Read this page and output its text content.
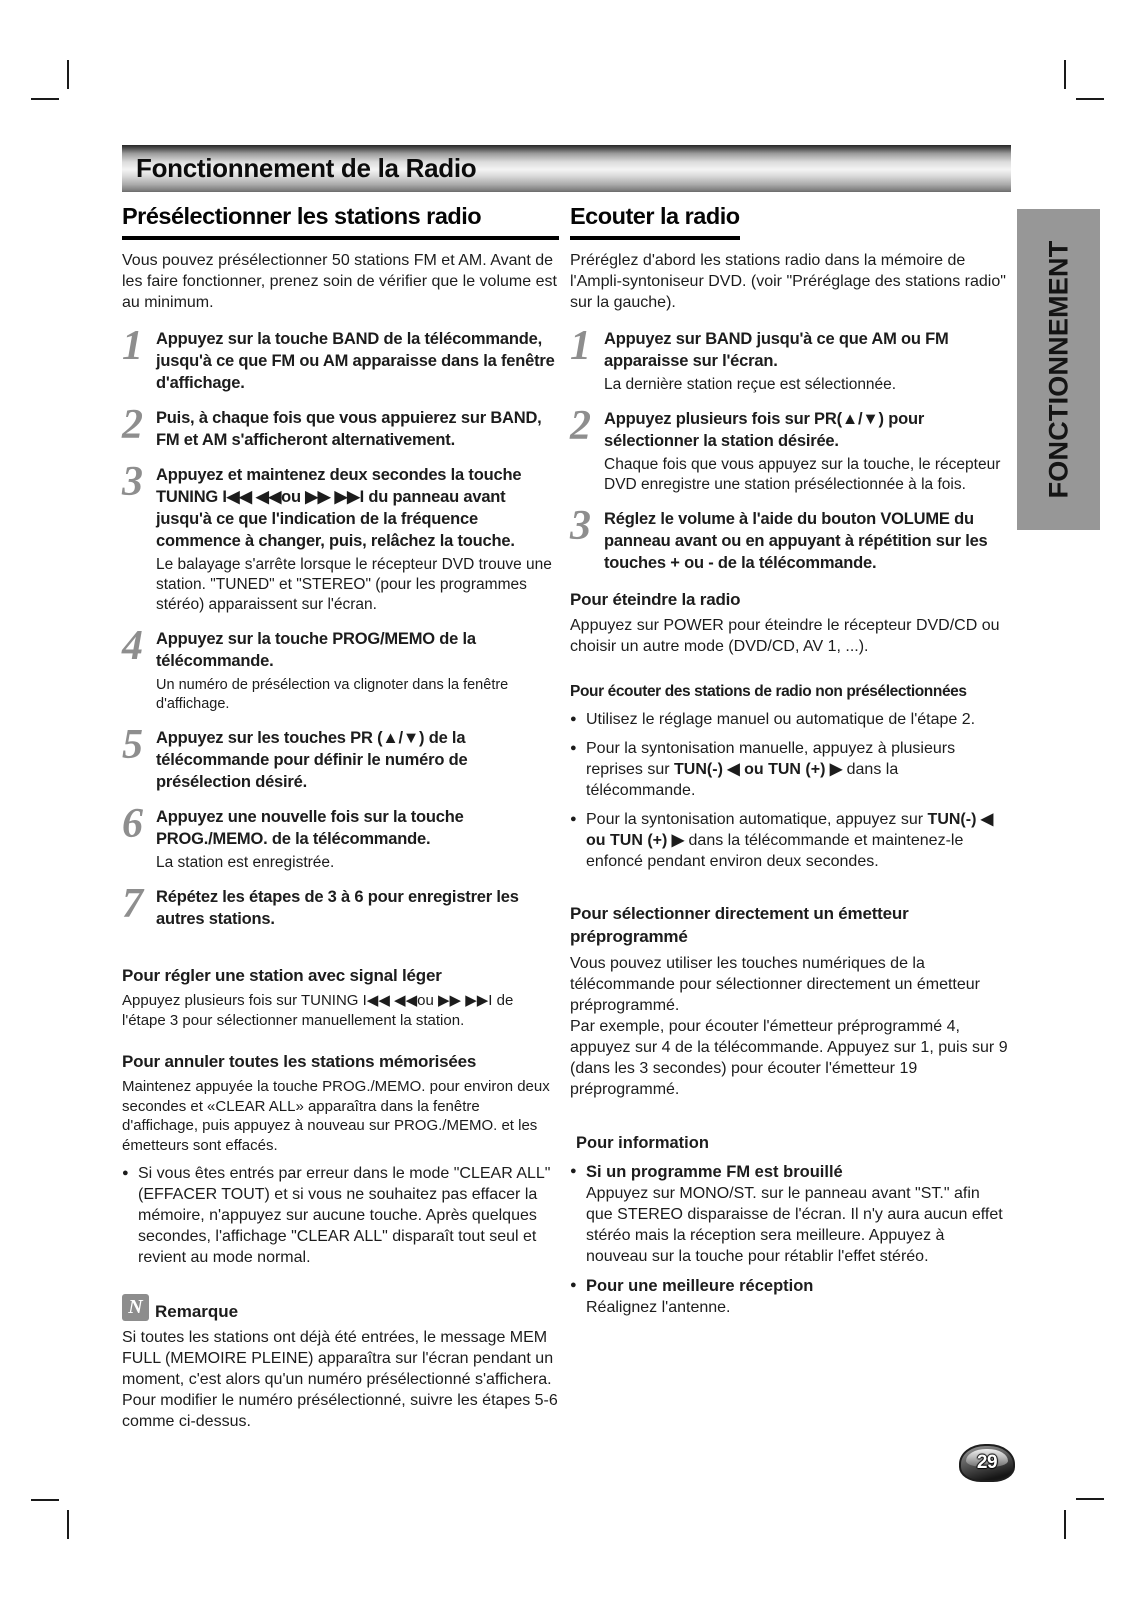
Fonctionnement de la Radio
FONCTIONNEMENT
Présélectionner les stations radio
Vous pouvez présélectionner 50 stations FM et AM. Avant de les faire fonctionner, prenez soin de vérifier que le volume est au minimum.
1 Appuyez sur la touche BAND de la télécommande, jusqu'à ce que FM ou AM apparaisse dans la fenêtre d'affichage.
2 Puis, à chaque fois que vous appuierez sur BAND, FM et AM s'afficheront alternativement.
3 Appuyez et maintenez deux secondes la touche TUNING I◀◀ ◀◀ou ▶▶ ▶▶I du panneau avant jusqu'à ce que l'indication de la fréquence commence à changer, puis, relâchez la touche.
Le balayage s'arrête lorsque le récepteur DVD trouve une station. "TUNED" et "STEREO" (pour les programmes stéréo) apparaissent sur l'écran.
4 Appuyez sur la touche PROG/MEMO de la télécommande.
Un numéro de présélection va clignoter dans la fenêtre d'affichage.
5 Appuyez sur les touches PR (▲/▼) de la télécommande pour définir le numéro de présélection désiré.
6 Appuyez une nouvelle fois sur la touche PROG./MEMO. de la télécommande.
La station est enregistrée.
7 Répétez les étapes de 3 à 6 pour enregistrer les autres stations.
Pour régler une station avec signal léger
Appuyez plusieurs fois sur TUNING I◀◀ ◀◀ou ▶▶ ▶▶I de l'étape 3 pour sélectionner manuellement la station.
Pour annuler toutes les stations mémorisées
Maintenez appuyée la touche PROG./MEMO. pour environ deux secondes et «CLEAR ALL» apparaîtra dans la fenêtre d'affichage, puis appuyez à nouveau sur PROG./MEMO. et les émetteurs sont effacés.
● Si vous êtes entrés par erreur dans le mode "CLEAR ALL" (EFFACER TOUT) et si vous ne souhaitez pas effacer la mémoire, n'appuyez sur aucune touche. Après quelques secondes, l'affichage "CLEAR ALL" disparaît tout seul et revient au mode normal.
N Remarque
Si toutes les stations ont déjà été entrées, le message MEM FULL (MEMOIRE PLEINE) apparaîtra sur l'écran pendant un moment, c'est alors qu'un numéro présélectionné s'affichera. Pour modifier le numéro présélectionné, suivre les étapes 5-6 comme ci-dessus.
Ecouter la radio
Préréglez d'abord les stations radio dans la mémoire de l'Ampli-syntoniseur DVD. (voir "Préréglage des stations radio" sur la gauche).
1 Appuyez sur BAND jusqu'à ce que AM ou FM apparaisse sur l'écran.
La dernière station reçue est sélectionnée.
2 Appuyez plusieurs fois sur PR(▲/▼) pour sélectionner la station désirée.
Chaque fois que vous appuyez sur la touche, le récepteur DVD enregistre une station présélectionnée à la fois.
3 Réglez le volume à l'aide du bouton VOLUME du panneau avant ou en appuyant à répétition sur les touches + ou - de la télécommande.
Pour éteindre la radio
Appuyez sur POWER pour éteindre le récepteur DVD/CD ou choisir un autre mode (DVD/CD, AV 1, ...).
Pour écouter des stations de radio non présélectionnées
● Utilisez le réglage manuel ou automatique de l'étape 2.
● Pour la syntonisation manuelle, appuyez à plusieurs reprises sur TUN(-) ◀ ou TUN (+) ▶ dans la télécommande.
● Pour la syntonisation automatique, appuyez sur TUN(-) ◀ ou TUN (+) ▶ dans la télécommande et maintenez-le enfoncé pendant environ deux secondes.
Pour sélectionner directement un émetteur préprogrammé
Vous pouvez utiliser les touches numériques de la télécommande pour sélectionner directement un émetteur préprogrammé.
Par exemple, pour écouter l'émetteur préprogrammé 4, appuyez sur 4 de la télécommande. Appuyez sur 1, puis sur 9 (dans les 3 secondes) pour écouter l'émetteur 19 préprogrammé.
Pour information
● Si un programme FM est brouillé
Appuyez sur MONO/ST. sur le panneau avant "ST." afin que STEREO disparaisse de l'écran. Il n'y aura aucun effet stéréo mais la réception sera meilleure. Appuyez à nouveau sur la touche pour rétablir l'effet stéréo.
● Pour une meilleure réception
Réalignez l'antenne.
29
